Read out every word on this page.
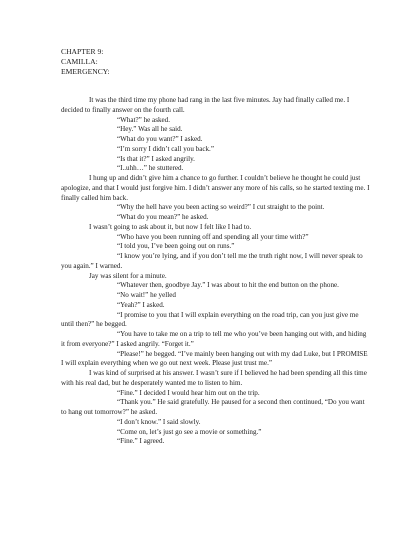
CHAPTER 9:
CAMILLA:
EMERGENCY:

It was the third time my phone had rang in the last five minutes. Jay had finally called me. I decided to finally answer on the fourth call.

“What?” he asked.

“Hey.” Was all he said.

“What do you want?” I asked.

“I’m sorry I didn’t call you back.”

“Is that it?” I asked angrily.

“I..uhh…” he stuttered.

I hung up and didn’t give him a chance to go further. I couldn’t believe he thought he could just apologize, and that I would just forgive him. I didn’t answer any more of his calls, so he started texting me. I finally called him back.

“Why the hell have you been acting so weird?” I cut straight to the point.

“What do you mean?” he asked.

I wasn’t going to ask about it, but now I felt like I had to.

“Who have you been running off and spending all your time with?”

“I told you, I’ve been going out on runs.”

“I know you’re lying, and if you don’t tell me the truth right now, I will never speak to you again.” I warned.

Jay was silent for a minute.

“Whatever then, goodbye Jay.” I was about to hit the end button on the phone.

“No wait!” he yelled

“Yeah?” I asked.

“I promise to you that I will explain everything on the road trip, can you just give me until then?” he begged.

“You have to take me on a trip to tell me who you’ve been hanging out with, and hiding it from everyone?” I asked angrily. “Forget it.”

“Please!” he begged. “I’ve mainly been hanging out with my dad Luke, but I PROMISE I will explain everything when we go out next week. Please just trust me.”

I was kind of surprised at his answer. I wasn’t sure if I believed he had been spending all this time with his real dad, but he desperately wanted me to listen to him.

“Fine.” I decided I would hear him out on the trip.

“Thank you.” He said gratefully. He paused for a second then continued, “Do you want to hang out tomorrow?” he asked.

“I don’t know.” I said slowly.

“Come on, let’s just go see a movie or something.”

“Fine.” I agreed.
